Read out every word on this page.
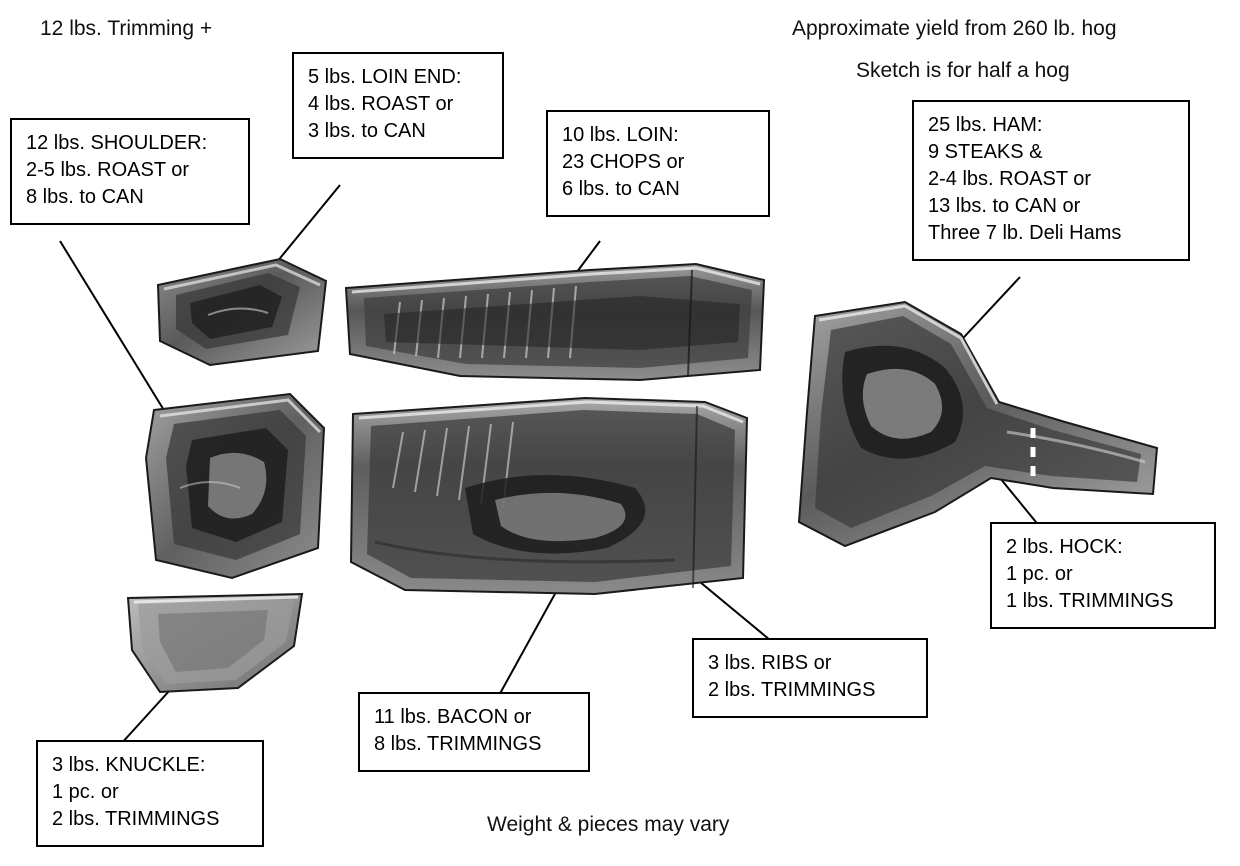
12 lbs. Trimming +	Approximate yield from 260 lb. hog
Sketch is for half a hog
Weight & pieces may vary
12 lbs. SHOULDER:
2-5 lbs. ROAST or
8 lbs. to CAN
5 lbs. LOIN END:
4 lbs. ROAST or
3 lbs. to CAN	10 lbs. LOIN:
23 CHOPS or
6 lbs. to CAN
25 lbs. HAM:
9 STEAKS &
2-4 lbs. ROAST or
13 lbs. to CAN or
Three 7 lb. Deli Hams
2 lbs. HOCK:
1 pc. or
1 lbs. TRIMMINGS
3 lbs. RIBS or
2 lbs. TRIMMINGS
11 lbs. BACON or
8 lbs. TRIMMINGS
3 lbs. KNUCKLE:
1 pc. or
2 lbs. TRIMMINGS
